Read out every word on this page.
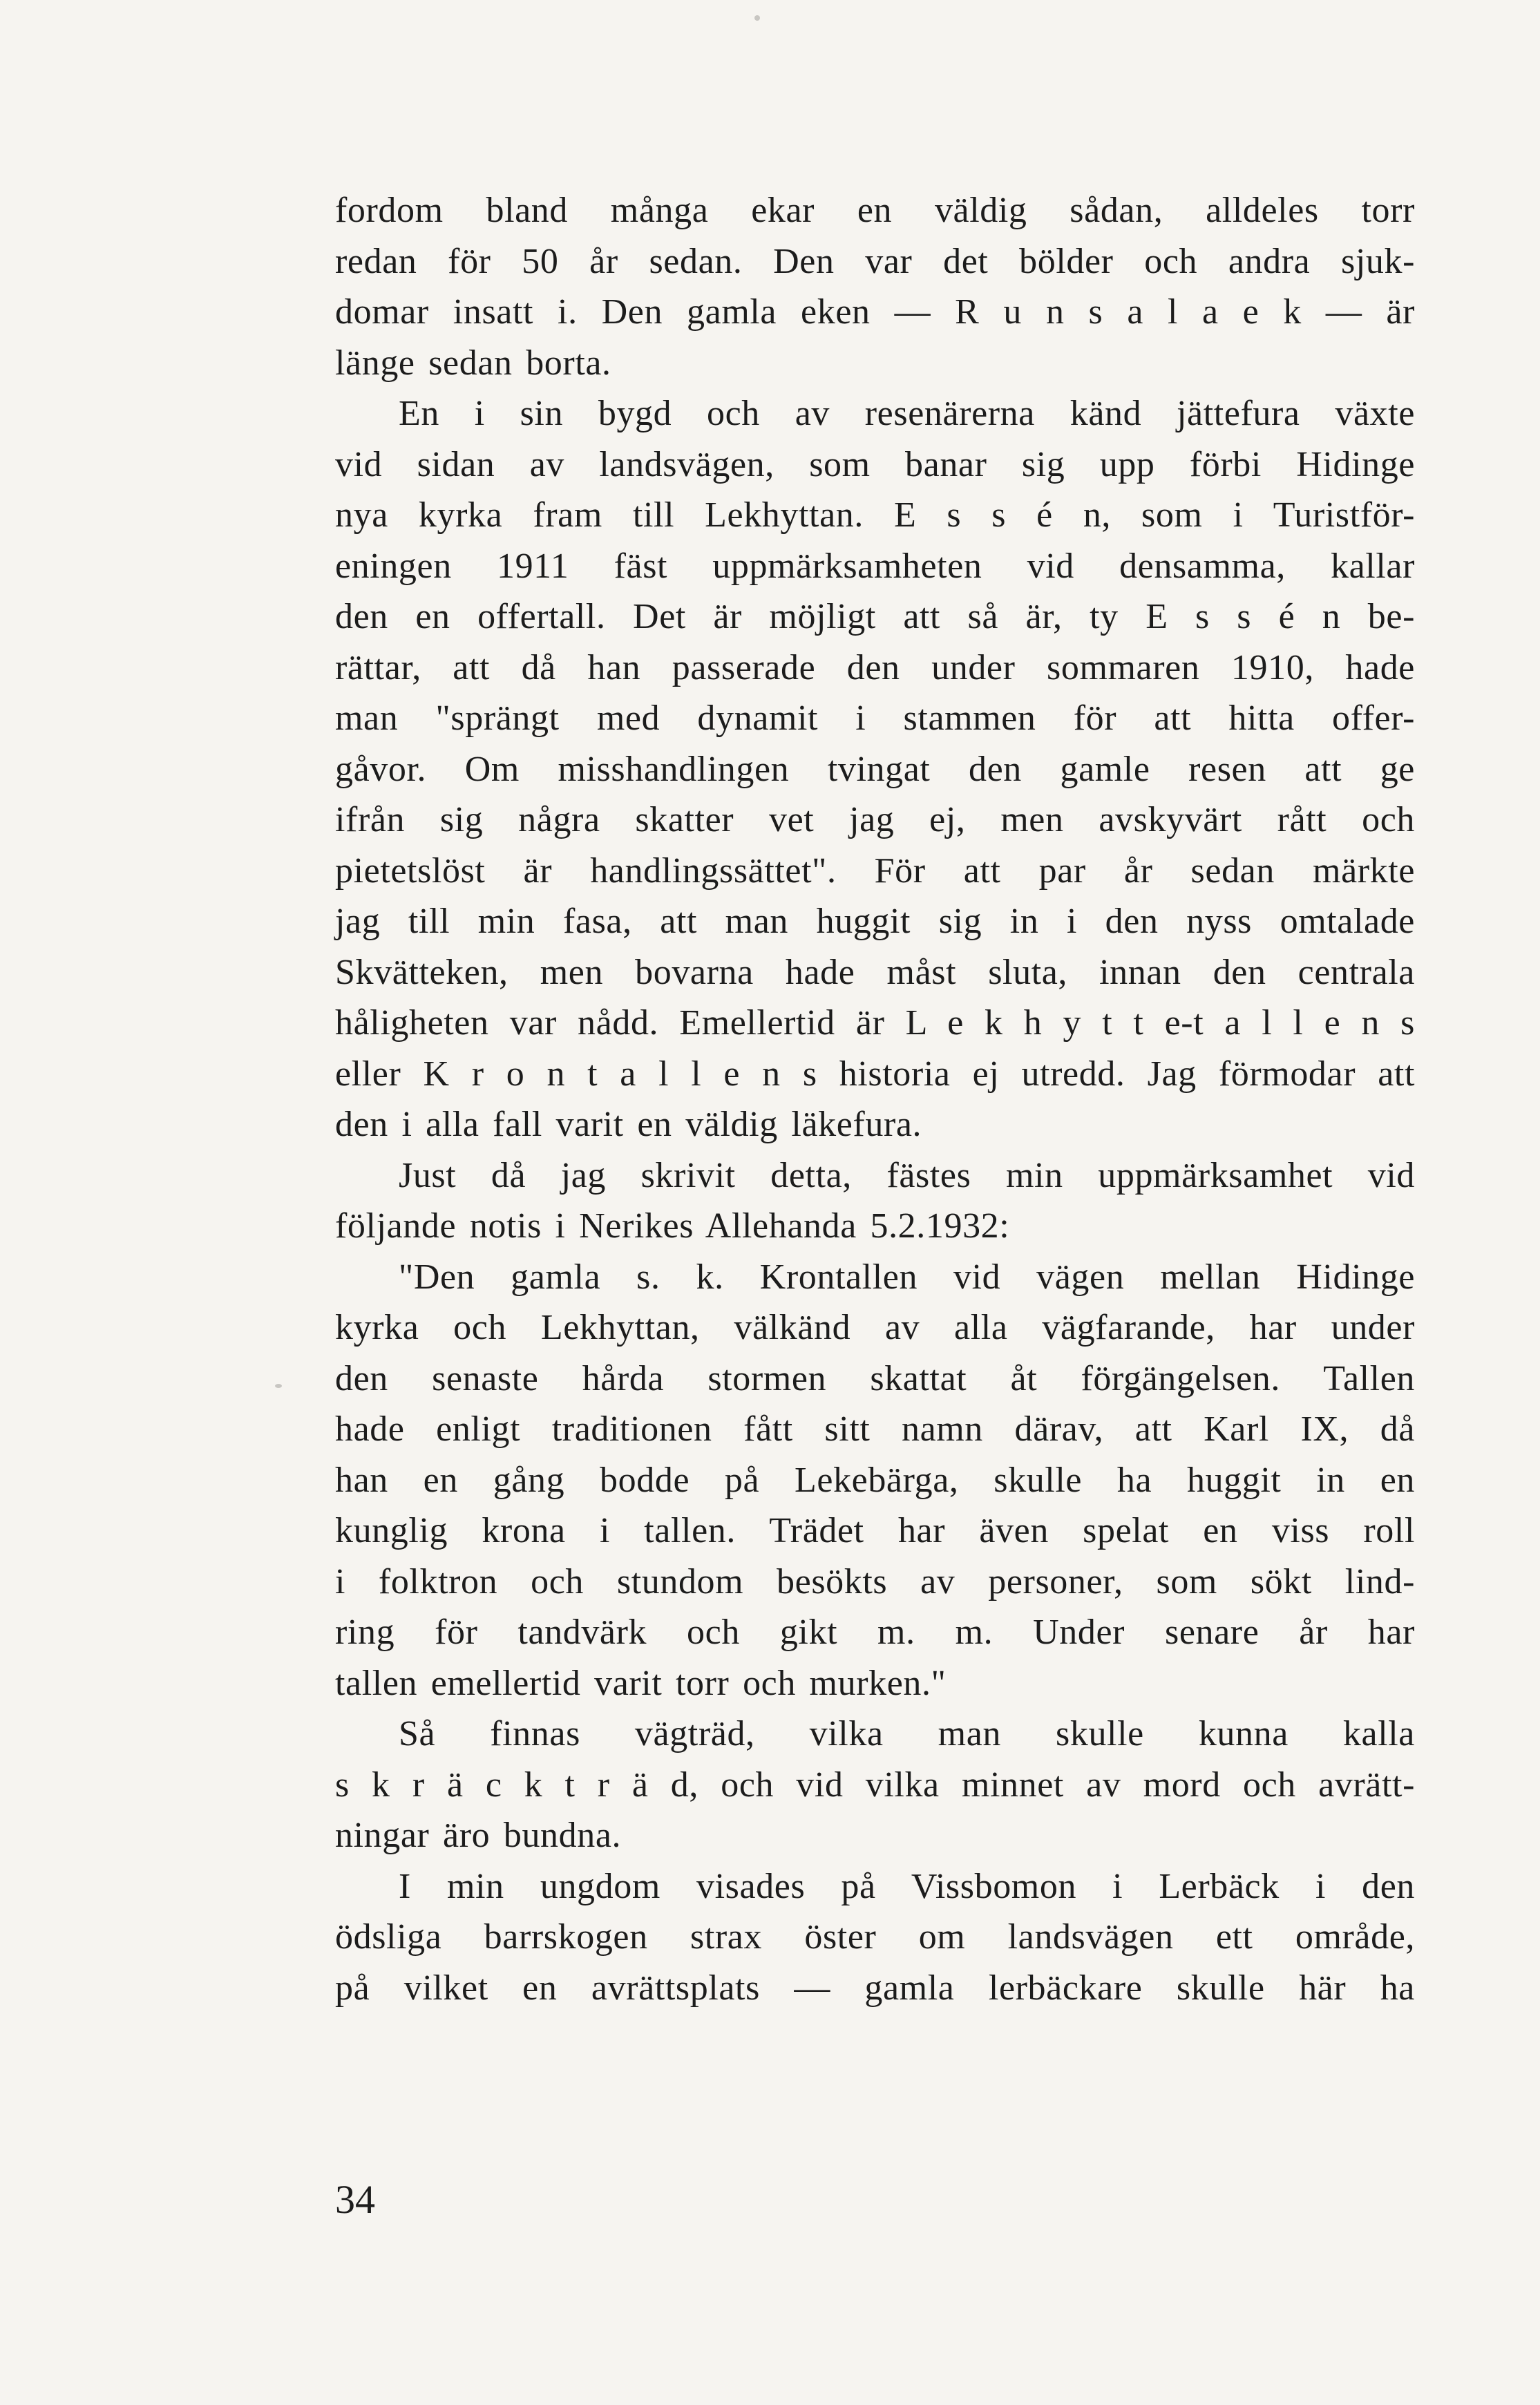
fordom bland många ekar en väldig sådan, alldeles torr
redan för 50 år sedan. Den var det bölder och andra sjuk-
domar insatt i. Den gamla eken — R u n s a l a e k — är
länge sedan borta.
En i sin bygd och av resenärerna känd jättefura växte
vid sidan av landsvägen, som banar sig upp förbi Hidinge
nya kyrka fram till Lekhyttan. E s s é n, som i Turistför-
eningen 1911 fäst uppmärksamheten vid densamma, kallar
den en offertall. Det är möjligt att så är, ty E s s é n be-
rättar, att då han passerade den under sommaren 1910, hade
man "sprängt med dynamit i stammen för att hitta offer-
gåvor. Om misshandlingen tvingat den gamle resen att ge
ifrån sig några skatter vet jag ej, men avskyvärt rått och
pietetslöst är handlingssättet". För att par år sedan märkte
jag till min fasa, att man huggit sig in i den nyss omtalade
Skvätteken, men bovarna hade måst sluta, innan den centrala
håligheten var nådd. Emellertid är L e k h y t t e-t a l l e n s
eller K r o n t a l l e n s historia ej utredd. Jag förmodar att
den i alla fall varit en väldig läkefura.
Just då jag skrivit detta, fästes min uppmärksamhet vid
följande notis i Nerikes Allehanda 5.2.1932:
"Den gamla s. k. Krontallen vid vägen mellan Hidinge
kyrka och Lekhyttan, välkänd av alla vägfarande, har under
den senaste hårda stormen skattat åt förgängelsen. Tallen
hade enligt traditionen fått sitt namn därav, att Karl IX, då
han en gång bodde på Lekebärga, skulle ha huggit in en
kunglig krona i tallen. Trädet har även spelat en viss roll
i folktron och stundom besökts av personer, som sökt lind-
ring för tandvärk och gikt m. m. Under senare år har
tallen emellertid varit torr och murken."
Så finnas vägträd, vilka man skulle kunna kalla
s k r ä c k t r ä d, och vid vilka minnet av mord och avrätt-
ningar äro bundna.
I min ungdom visades på Vissbomon i Lerbäck i den
ödsliga barrskogen strax öster om landsvägen ett område,
på vilket en avrättsplats — gamla lerbäckare skulle här ha
34
